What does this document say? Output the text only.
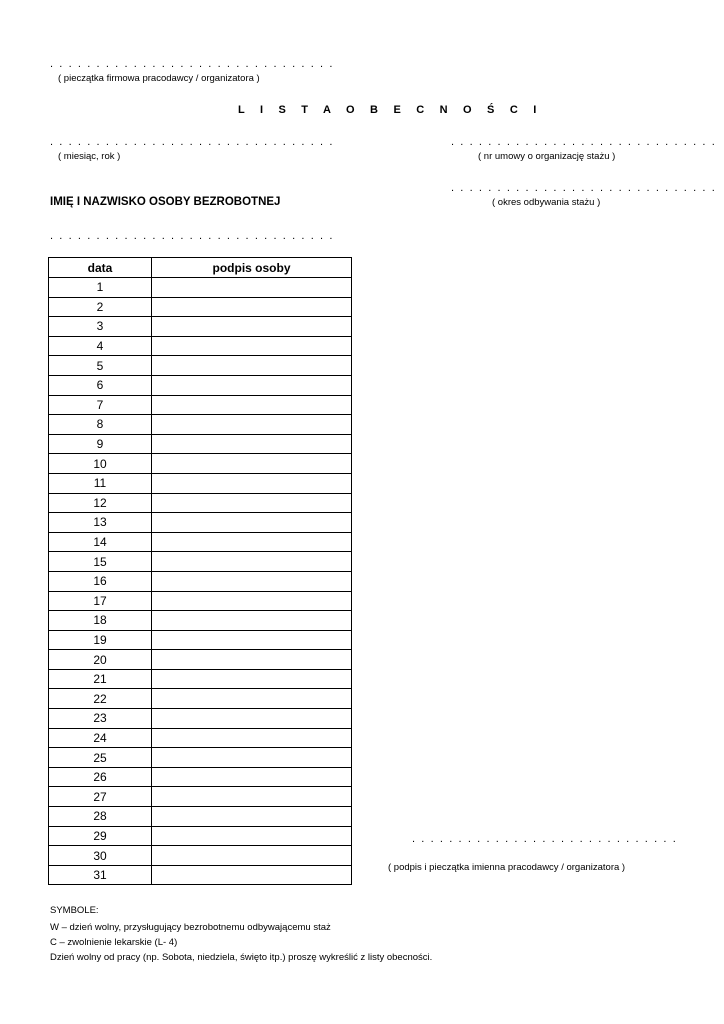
. . . . . . . . . . . . . . . . . . . . . . . . . . . . . . .
( pieczątka firmowa pracodawcy / organizatora )
L I S T A O B E C N O Ś C I
. . . . . . . . . . . . . . . . . . . . . . . . . . . . . . .
( miesiąc, rok )
. . . . . . . . . . . . . . . . . . . . . . . . . . . . .
( nr umowy o organizację stażu )
. . . . . . . . . . . . . . . . . . . . . . . . . . . . .
( okres odbywania stażu )
IMIĘ I NAZWISKO OSOBY BEZROBOTNEJ
. . . . . . . . . . . . . . . . . . . . . . . . . . . . . . .
data	podpis osoby
1	
2	
3	
4	
5	
6	
7	
8	
9	
10	
11	
12	
13	
14	
15	
16	
17	
18	
19	
20	
21	
22	
23	
24	
25	
26	
27	
28	
29	
30	
31	
. . . . . . . . . . . . . . . . . . . . . . . . . . . . .
( podpis i pieczątka imienna pracodawcy / organizatora )
SYMBOLE:
W – dzień wolny, przysługujący bezrobotnemu odbywającemu staż
C – zwolnienie lekarskie (L- 4)
Dzień wolny od pracy (np. Sobota, niedziela, święto itp.) proszę wykreślić z listy obecności.
